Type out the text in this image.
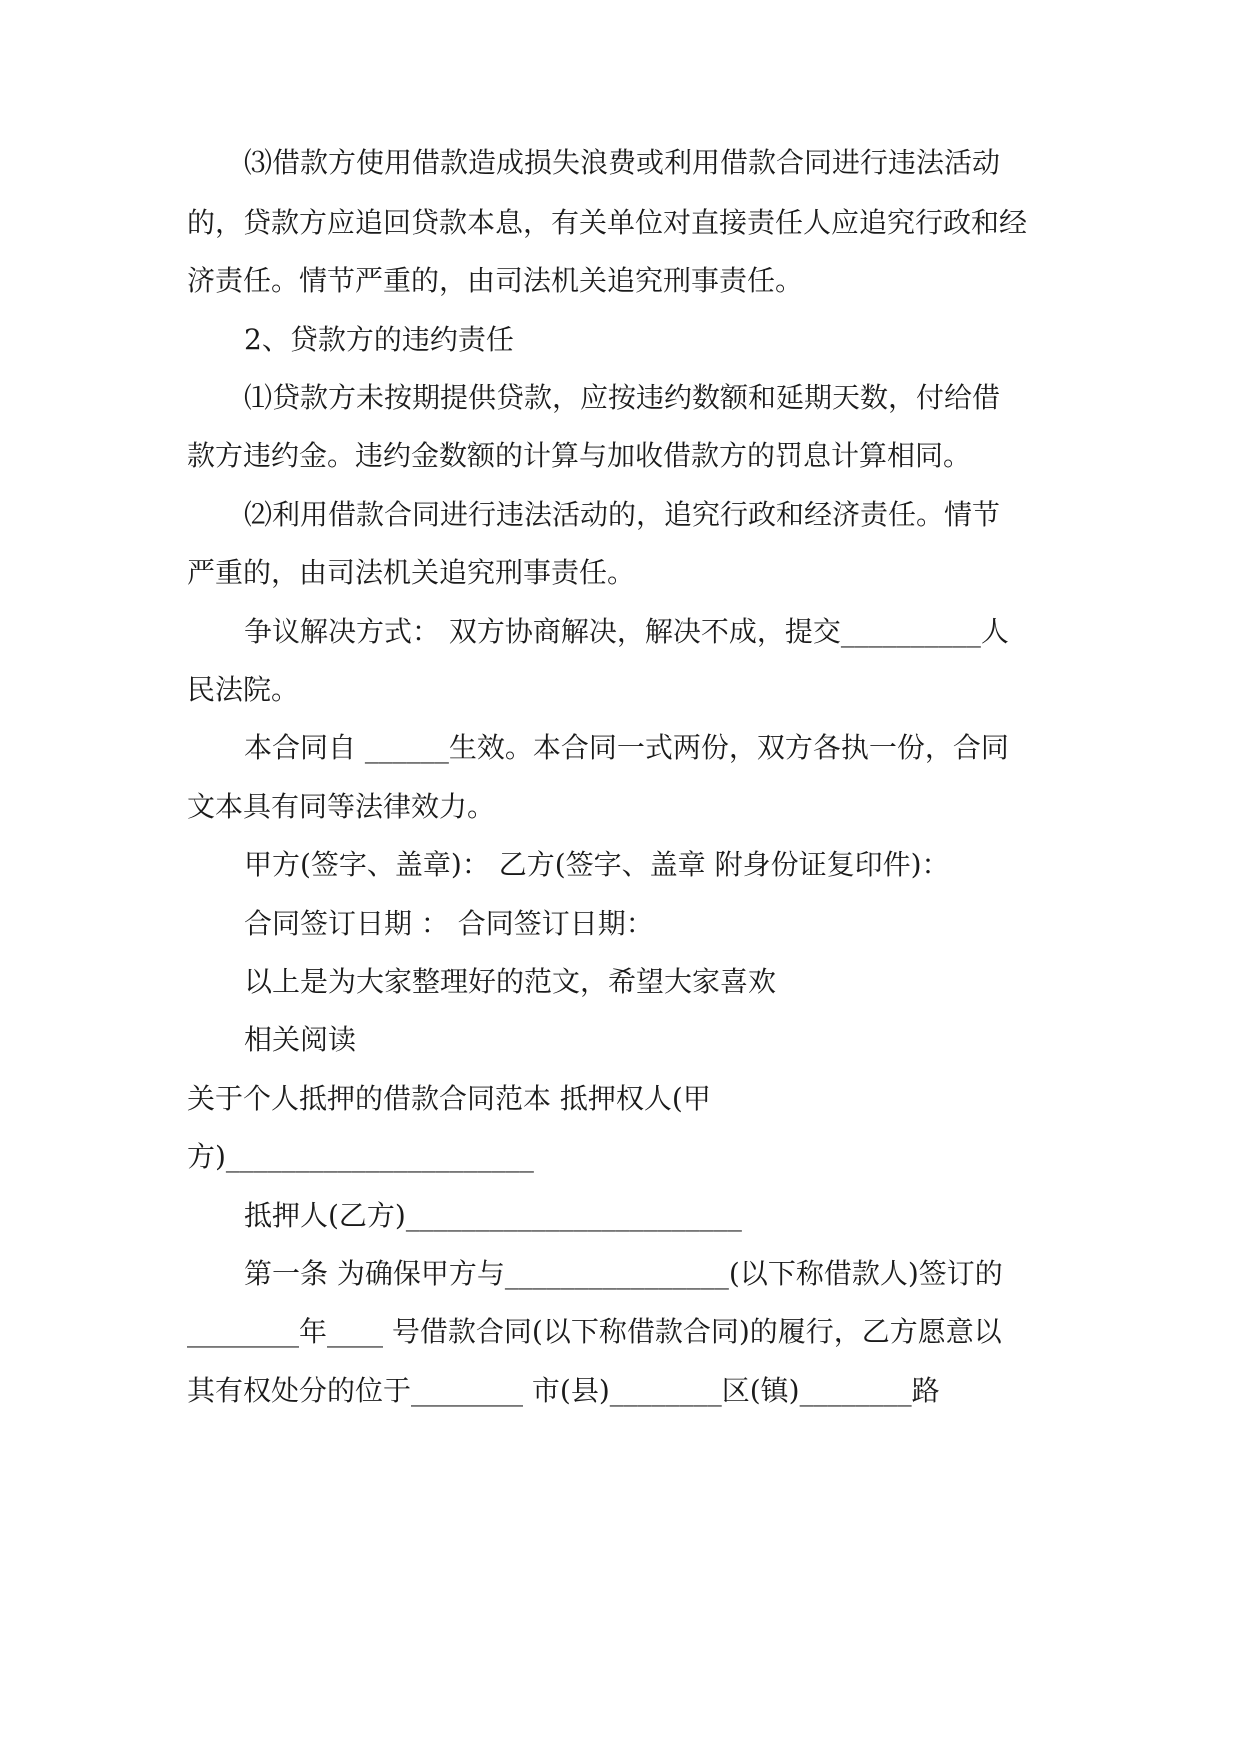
⑶借款方使用借款造成损失浪费或利用借款合同进行违法活动
的，贷款方应追回贷款本息，有关单位对直接责任人应追究行政和经
济责任。情节严重的，由司法机关追究刑事责任。
2、贷款方的违约责任
⑴贷款方未按期提供贷款，应按违约数额和延期天数，付给借
款方违约金。违约金数额的计算与加收借款方的罚息计算相同。
⑵利用借款合同进行违法活动的，追究行政和经济责任。情节
严重的，由司法机关追究刑事责任。
争议解决方式： 双方协商解决，解决不成，提交__________人
民法院。
本合同自 ______生效。本合同一式两份，双方各执一份，合同
文本具有同等法律效力。
甲方(签字、盖章)： 乙方(签字、盖章 附身份证复印件)：
合同签订日期 ： 合同签订日期：
以上是为大家整理好的范文，希望大家喜欢
相关阅读
关于个人抵押的借款合同范本 抵押权人(甲
方)______________________
抵押人(乙方)________________________
第一条 为确保甲方与________________(以下称借款人)签订的
________年____ 号借款合同(以下称借款合同)的履行，乙方愿意以
其有权处分的位于________ 市(县)________区(镇)________路
